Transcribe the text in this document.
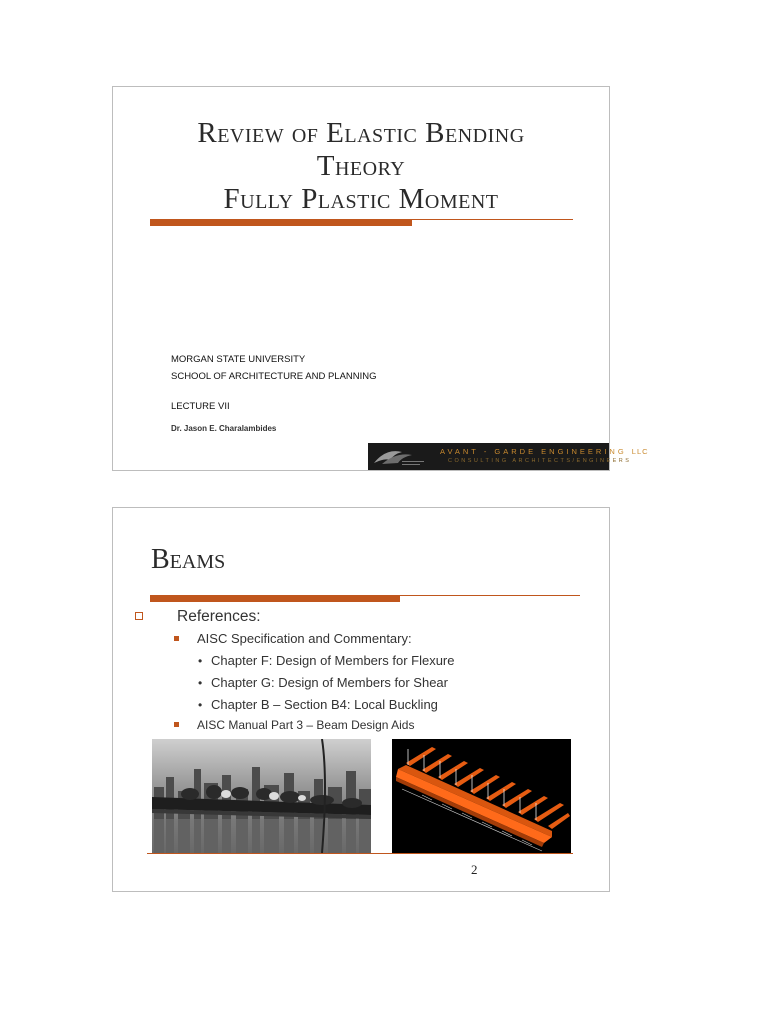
Review of Elastic Bending
Theory
Fully Plastic Moment
MORGAN STATE UNIVERSITY
SCHOOL OF ARCHITECTURE AND PLANNING
LECTURE VII
Dr. Jason E. Charalambides
AVANT - GARDE ENGINEERING LLC
CONSULTING ARCHITECTS/ENGINEERS
Beams
References:
AISC Specification and Commentary:
• Chapter F: Design of Members for Flexure
• Chapter G: Design of Members for Shear
• Chapter B – Section B4: Local Buckling
AISC Manual Part 3 – Beam Design Aids
2
